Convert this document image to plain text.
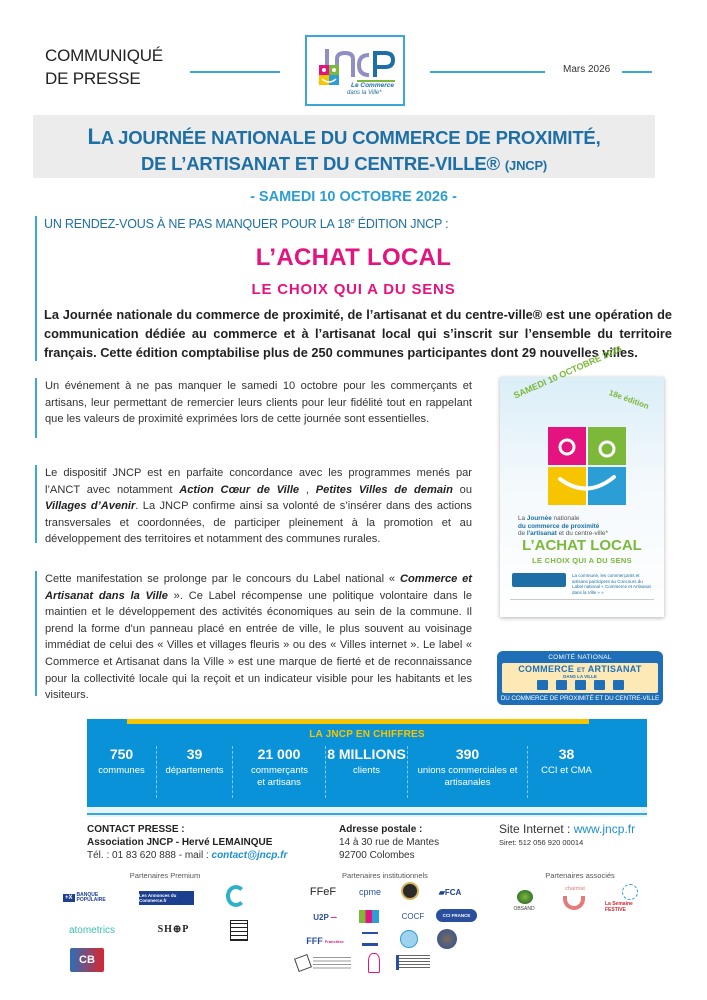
COMMUNIQUÉ
DE PRESSE	Le Commerce
dans la Ville*
Mars 2026
LA JOURNÉE NATIONALE DU COMMERCE DE PROXIMITÉ,
DE L’ARTISANAT ET DU CENTRE-VILLE® (JNCP)
- SAMEDI 10 OCTOBRE 2026 -
UN RENDEZ-VOUS À NE PAS MANQUER POUR LA 18e ÉDITION JNCP :
L’ACHAT LOCAL
LE CHOIX QUI A DU SENS
La Journée nationale du commerce de proximité, de l’artisanat et du centre-ville® est une opération de communication dédiée au commerce et à l’artisanat local qui s’inscrit sur l’ensemble du territoire français. Cette édition comptabilise plus de 250 communes participantes dont 29 nouvelles villes.
Un événement à ne pas manquer le samedi 10 octobre pour les commerçants et artisans, leur permettant de remercier leurs clients pour leur fidélité tout en rappelant que les valeurs de proximité exprimées lors de cette journée sont essentielles.
Le dispositif JNCP est en parfaite concordance avec les programmes menés par l’ANCT avec notamment Action Cœur de Ville , Petites Villes de demain ou Villages d’Avenir. La JNCP confirme ainsi sa volonté de s’insérer dans des actions transversales et coordonnées, de participer pleinement à la promotion et au développement des territoires et notamment des communes rurales.
Cette manifestation se prolonge par le concours du Label national « Commerce et Artisanat dans la Ville ». Ce Label récompense une politique volontaire dans le maintien et le développement des activités économiques au sein de la commune. Il prend la forme d'un panneau placé en entrée de ville, le plus souvent au voisinage immédiat de celui des « Villes et villages fleuris » ou des « Villes internet ». Le label « Commerce et Artisanat dans la Ville » est une marque de fierté et de reconnaissance pour la collectivité locale qui la reçoit et un indicateur visible pour les habitants et les visiteurs.
SAMEDI 10 OCTOBRE 2026
18e édition
La Journée nationale
du commerce de proximité
de l'artisanat et du centre-ville*
L’ACHAT LOCAL
LE CHOIX QUI A DU SENS
La commune, les commerçants et artisans participent au Concours du Label national « Commerce et Artisanat dans la Ville » »
COMITÉ NATIONAL
COMMERCE ET ARTISANAT
DANS LA VILLE
DU COMMERCE DE PROXIMITÉ ET DU CENTRE-VILLE
LA JNCP EN CHIFFRES
750
communes
39
départements
21 000
commerçants et artisans
8 MILLIONS
clients
390
unions commerciales et artisanales
38
CCI et CMA
CONTACT PRESSE :
Association JNCP - Hervé LEMAINQUE
Tél. : 01 83 620 888 - mail : contact@jncp.fr
Adresse postale :
14 à 30 rue de Mantes
92700 Colombes
Site Internet : www.jncp.fr
Siret: 512 056 920 00014
Partenaires Premium	Partenaires institutionnels	Partenaires associés
+X BANQUE POPULAIRE
Les Annonces du Commerce.fr
atometrics	SH⊕P
CB
FFeF	cpme	▰FCA
U2P ▬▬	COCF	CCI FRANCE
FFF Franchise
OBSAND
charmat
La Semaine FESTIVE
